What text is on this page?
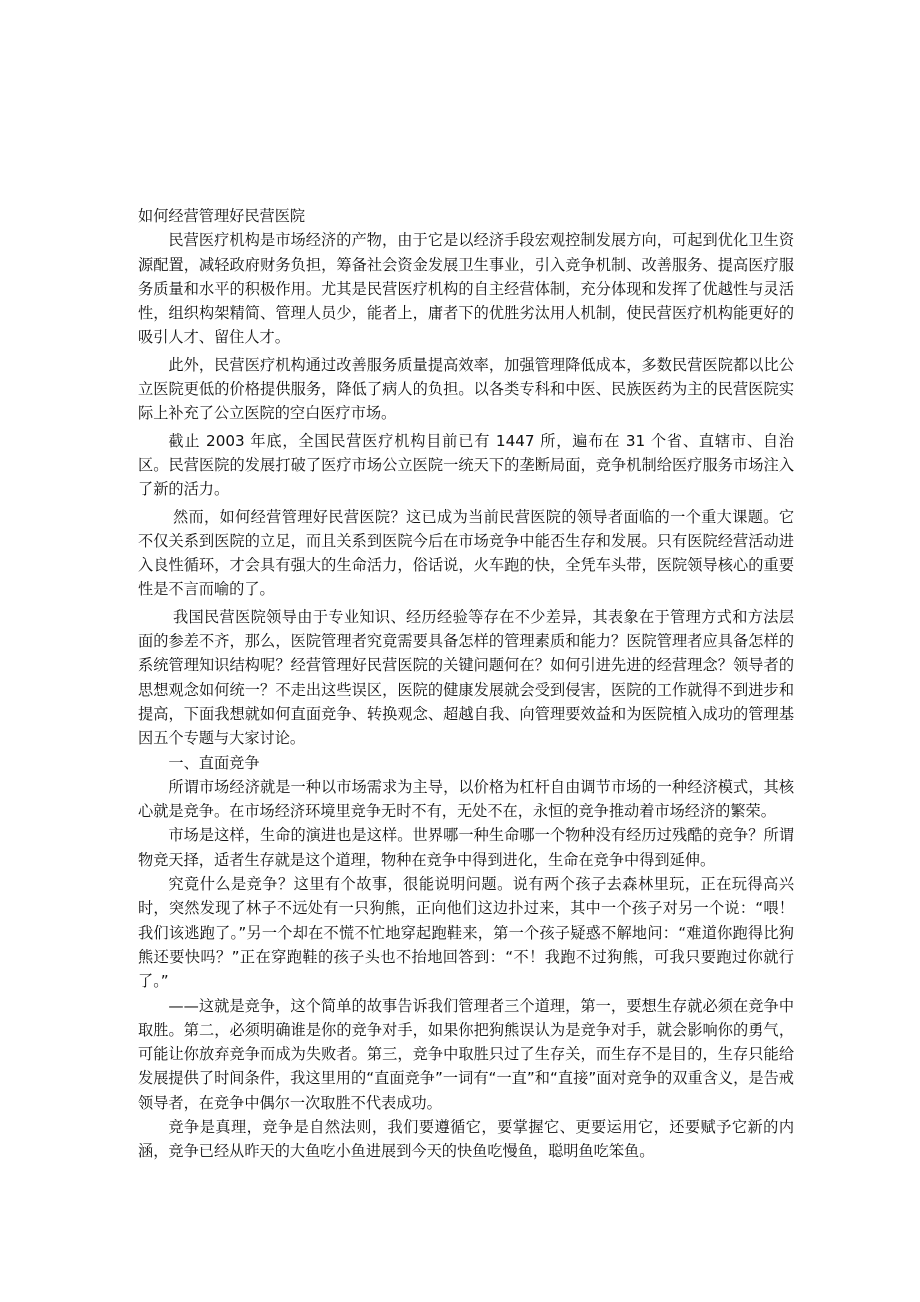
如何经营管理好民营医院

民营医疗机构是市场经济的产物，由于它是以经济手段宏观控制发展方向，可起到优化卫生资源配置，减轻政府财务负担，筹备社会资金发展卫生事业，引入竞争机制、改善服务、提高医疗服务质量和水平的积极作用。尤其是民营医疗机构的自主经营体制，充分体现和发挥了优越性与灵活性，组织构架精简、管理人员少，能者上，庸者下的优胜劣汰用人机制，使民营医疗机构能更好的吸引人才、留住人才。

此外，民营医疗机构通过改善服务质量提高效率，加强管理降低成本，多数民营医院都以比公立医院更低的价格提供服务，降低了病人的负担。以各类专科和中医、民族医药为主的民营医院实际上补充了公立医院的空白医疗市场。

截止 2003 年底，全国民营医疗机构目前已有 1447 所，遍布在 31 个省、直辖市、自治区。民营医院的发展打破了医疗市场公立医院一统天下的垄断局面，竞争机制给医疗服务市场注入了新的活力。

然而，如何经营管理好民营医院？这已成为当前民营医院的领导者面临的一个重大课题。它不仅关系到医院的立足，而且关系到医院今后在市场竞争中能否生存和发展。只有医院经营活动进入良性循环，才会具有强大的生命活力，俗话说，火车跑的快，全凭车头带，医院领导核心的重要性是不言而喻的了。

我国民营医院领导由于专业知识、经历经验等存在不少差异，其表象在于管理方式和方法层面的参差不齐，那么，医院管理者究竟需要具备怎样的管理素质和能力？医院管理者应具备怎样的系统管理知识结构呢？经营管理好民营医院的关键问题何在？如何引进先进的经营理念？领导者的思想观念如何统一？不走出这些误区，医院的健康发展就会受到侵害，医院的工作就得不到进步和提高，下面我想就如何直面竞争、转换观念、超越自我、向管理要效益和为医院植入成功的管理基因五个专题与大家讨论。

一、直面竞争

所谓市场经济就是一种以市场需求为主导，以价格为杠杆自由调节市场的一种经济模式，其核心就是竞争。在市场经济环境里竞争无时不有，无处不在，永恒的竞争推动着市场经济的繁荣。

市场是这样，生命的演进也是这样。世界哪一种生命哪一个物种没有经历过残酷的竞争？所谓物竞天择，适者生存就是这个道理，物种在竞争中得到进化，生命在竞争中得到延伸。

究竟什么是竞争？这里有个故事，很能说明问题。说有两个孩子去森林里玩，正在玩得高兴时，突然发现了林子不远处有一只狗熊，正向他们这边扑过来，其中一个孩子对另一个说：“喂！我们该逃跑了。”另一个却在不慌不忙地穿起跑鞋来，第一个孩子疑惑不解地问：“难道你跑得比狗熊还要快吗？”正在穿跑鞋的孩子头也不抬地回答到：“不！我跑不过狗熊，可我只要跑过你就行了。”

——这就是竞争，这个简单的故事告诉我们管理者三个道理，第一，要想生存就必须在竞争中取胜。第二，必须明确谁是你的竞争对手，如果你把狗熊误认为是竞争对手，就会影响你的勇气，可能让你放弃竞争而成为失败者。第三，竞争中取胜只过了生存关，而生存不是目的，生存只能给发展提供了时间条件，我这里用的“直面竞争”一词有“一直”和“直接”面对竞争的双重含义，是告戒领导者，在竞争中偶尔一次取胜不代表成功。

竞争是真理，竞争是自然法则，我们要遵循它，要掌握它、更要运用它，还要赋予它新的内涵，竞争已经从昨天的大鱼吃小鱼进展到今天的快鱼吃慢鱼，聪明鱼吃笨鱼。
